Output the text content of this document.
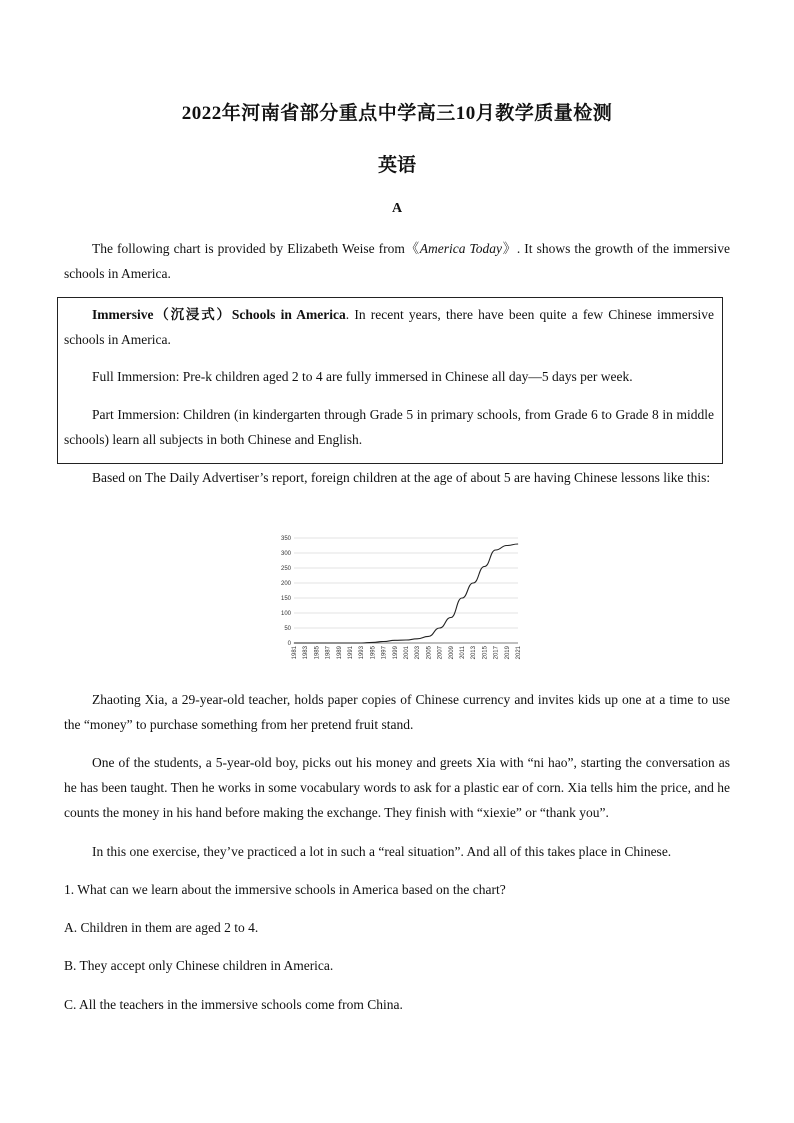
2022年河南省部分重点中学高三10月教学质量检测
英语
A

The following chart is provided by Elizabeth Weise from《America Today》. It shows the growth of the immersive schools in America.

Immersive（沉浸式）Schools in America. In recent years, there have been quite a few Chinese immersive schools in America.

Full Immersion: Pre-k children aged 2 to 4 are fully immersed in Chinese all day—5 days per week.

Part Immersion: Children (in kindergarten through Grade 5 in primary schools, from Grade 6 to Grade 8 in middle schools) learn all subjects in both Chinese and English.

Based on The Daily Advertiser’s report, foreign children at the age of about 5 are having Chinese lessons like this:

0
50
100
150
200
250
300
350
1981 1983 1985 1987 1989 1991 1993 1995 1997 1999 2001 2003 2005 2007 2009 2011 2013 2015 2017 2019 2021

Zhaoting Xia, a 29-year-old teacher, holds paper copies of Chinese currency and invites kids up one at a time to use the “money” to purchase something from her pretend fruit stand.

One of the students, a 5-year-old boy, picks out his money and greets Xia with “ni hao”, starting the conversation as he has been taught. Then he works in some vocabulary words to ask for a plastic ear of corn. Xia tells him the price, and he counts the money in his hand before making the exchange. They finish with “xiexie” or “thank you”.

In this one exercise, they’ve practiced a lot in such a “real situation”. And all of this takes place in Chinese.

1. What can we learn about the immersive schools in America based on the chart?

A. Children in them are aged 2 to 4.

B. They accept only Chinese children in America.

C. All the teachers in the immersive schools come from China.
